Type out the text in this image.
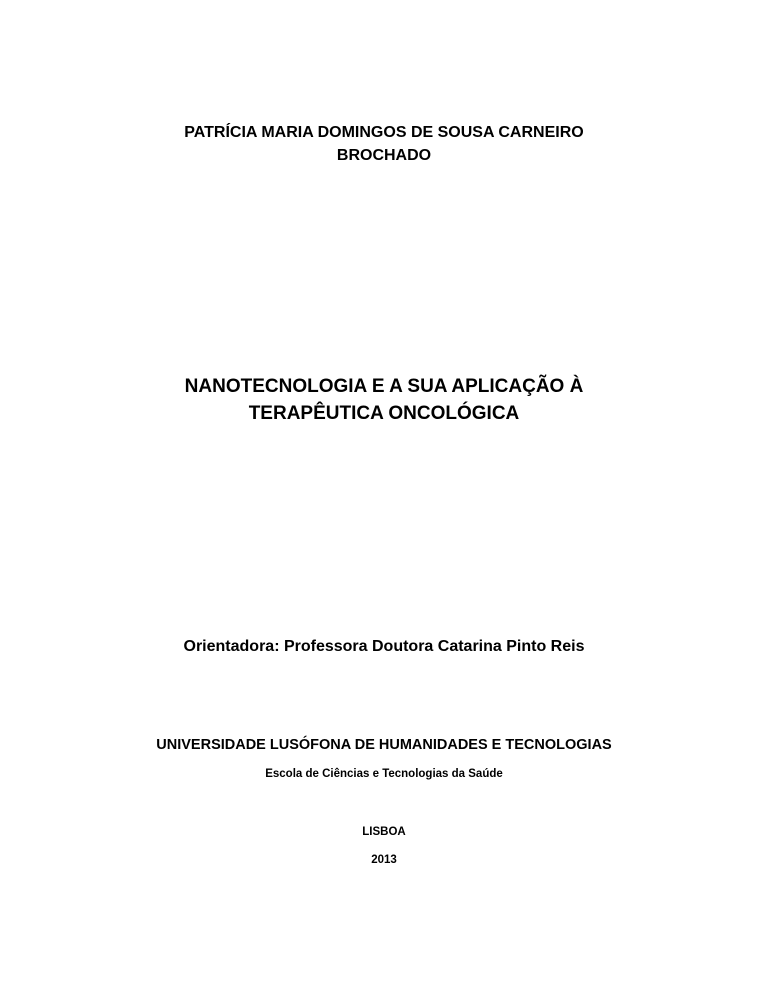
PATRÍCIA MARIA DOMINGOS DE SOUSA CARNEIRO

BROCHADO

NANOTECNOLOGIA E A SUA APLICAÇÃO À

TERAPÊUTICA ONCOLÓGICA

Orientadora: Professora Doutora Catarina Pinto Reis

UNIVERSIDADE LUSÓFONA DE HUMANIDADES E TECNOLOGIAS

Escola de Ciências e Tecnologias da Saúde

LISBOA

2013
